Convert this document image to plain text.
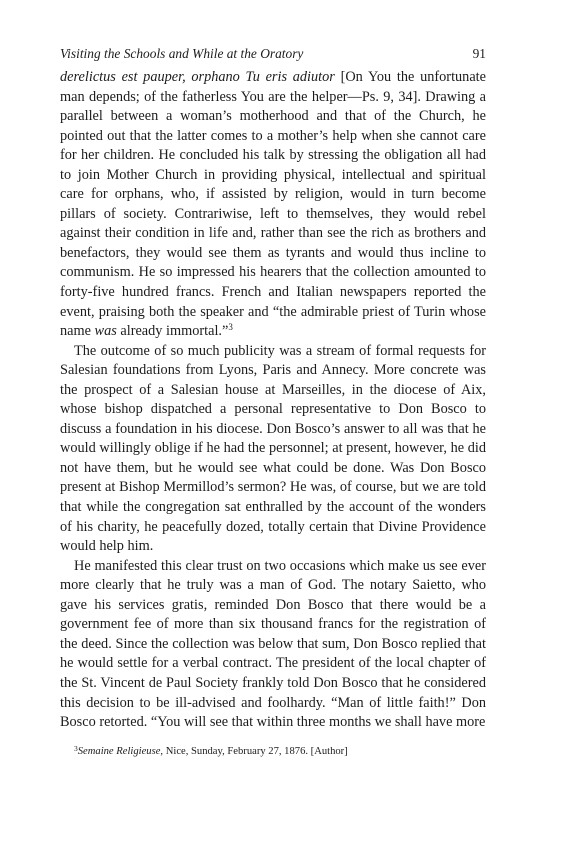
Visiting the Schools and While at the Oratory	91

derelictus est pauper, orphano Tu eris adiutor [On You the unfortunate man depends; of the fatherless You are the helper—Ps. 9, 34]. Drawing a parallel between a woman’s motherhood and that of the Church, he pointed out that the latter comes to a mother’s help when she cannot care for her children. He concluded his talk by stressing the obligation all had to join Mother Church in providing physical, intellectual and spiritual care for orphans, who, if assisted by religion, would in turn become pillars of society. Contrariwise, left to themselves, they would rebel against their condition in life and, rather than see the rich as brothers and benefactors, they would see them as tyrants and would thus incline to communism. He so impressed his hearers that the collection amounted to forty-five hundred francs. French and Italian newspapers reported the event, praising both the speaker and “the admirable priest of Turin whose name was already immortal.”$^3$

The outcome of so much publicity was a stream of formal requests for Salesian foundations from Lyons, Paris and Annecy. More concrete was the prospect of a Salesian house at Marseilles, in the diocese of Aix, whose bishop dispatched a personal representative to Don Bosco to discuss a foundation in his diocese. Don Bosco’s answer to all was that he would willingly oblige if he had the personnel; at present, however, he did not have them, but he would see what could be done. Was Don Bosco present at Bishop Mermillod’s sermon? He was, of course, but we are told that while the congregation sat enthralled by the account of the wonders of his charity, he peacefully dozed, totally certain that Divine Providence would help him.

He manifested this clear trust on two occasions which make us see ever more clearly that he truly was a man of God. The notary Saietto, who gave his services gratis, reminded Don Bosco that there would be a government fee of more than six thousand francs for the registration of the deed. Since the collection was below that sum, Don Bosco replied that he would settle for a verbal contract. The president of the local chapter of the St. Vincent de Paul Society frankly told Don Bosco that he considered this decision to be ill-advised and foolhardy. “Man of little faith!” Don Bosco retorted. “You will see that within three months we shall have more

$^3$Semaine Religieuse, Nice, Sunday, February 27, 1876. [Author]
